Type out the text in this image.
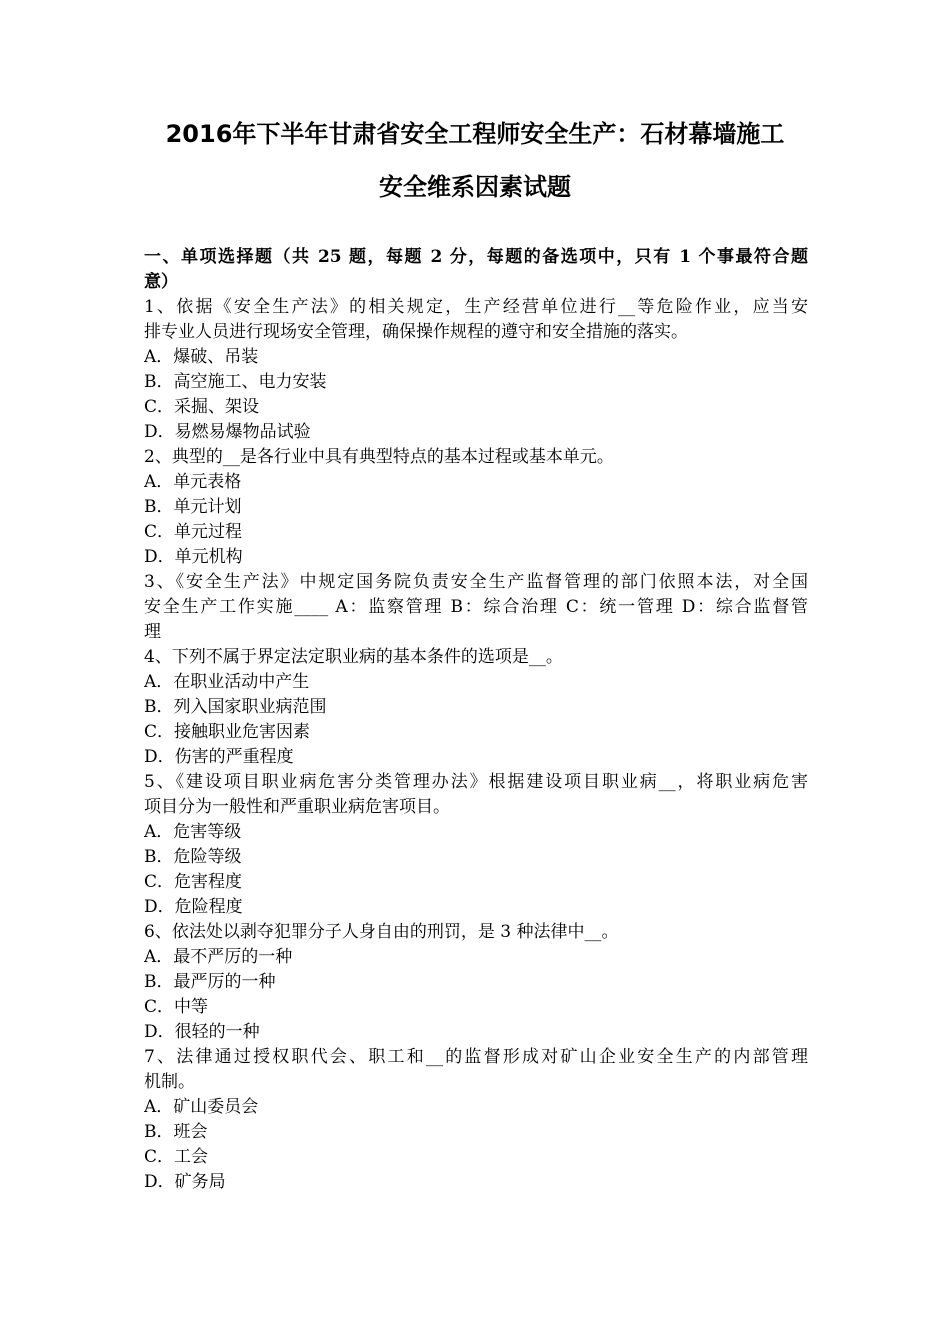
2016年下半年甘肃省安全工程师安全生产：石材幕墙施工
安全维系因素试题
一、单项选择题（共 25 题，每题 2 分，每题的备选项中，只有 1 个事最符合题
意）
1、依据《安全生产法》的相关规定，生产经营单位进行__等危险作业，应当安
排专业人员进行现场安全管理，确保操作规程的遵守和安全措施的落实。
A．爆破、吊装
B．高空施工、电力安装
C．采掘、架设
D．易燃易爆物品试验
2、典型的__是各行业中具有典型特点的基本过程或基本单元。
A．单元表格
B．单元计划
C．单元过程
D．单元机构
3、《安全生产法》中规定国务院负责安全生产监督管理的部门依照本法，对全国
安全生产工作实施____ A：监察管理 B：综合治理 C：统一管理 D：综合监督管
理
4、下列不属于界定法定职业病的基本条件的选项是__。
A．在职业活动中产生
B．列入国家职业病范围
C．接触职业危害因素
D．伤害的严重程度
5、《建设项目职业病危害分类管理办法》根据建设项目职业病__，将职业病危害
项目分为一般性和严重职业病危害项目。
A．危害等级
B．危险等级
C．危害程度
D．危险程度
6、依法处以剥夺犯罪分子人身自由的刑罚，是 3 种法律中__。
A．最不严厉的一种
B．最严厉的一种
C．中等
D．很轻的一种
7、法律通过授权职代会、职工和__的监督形成对矿山企业安全生产的内部管理
机制。
A．矿山委员会
B．班会
C．工会
D．矿务局
